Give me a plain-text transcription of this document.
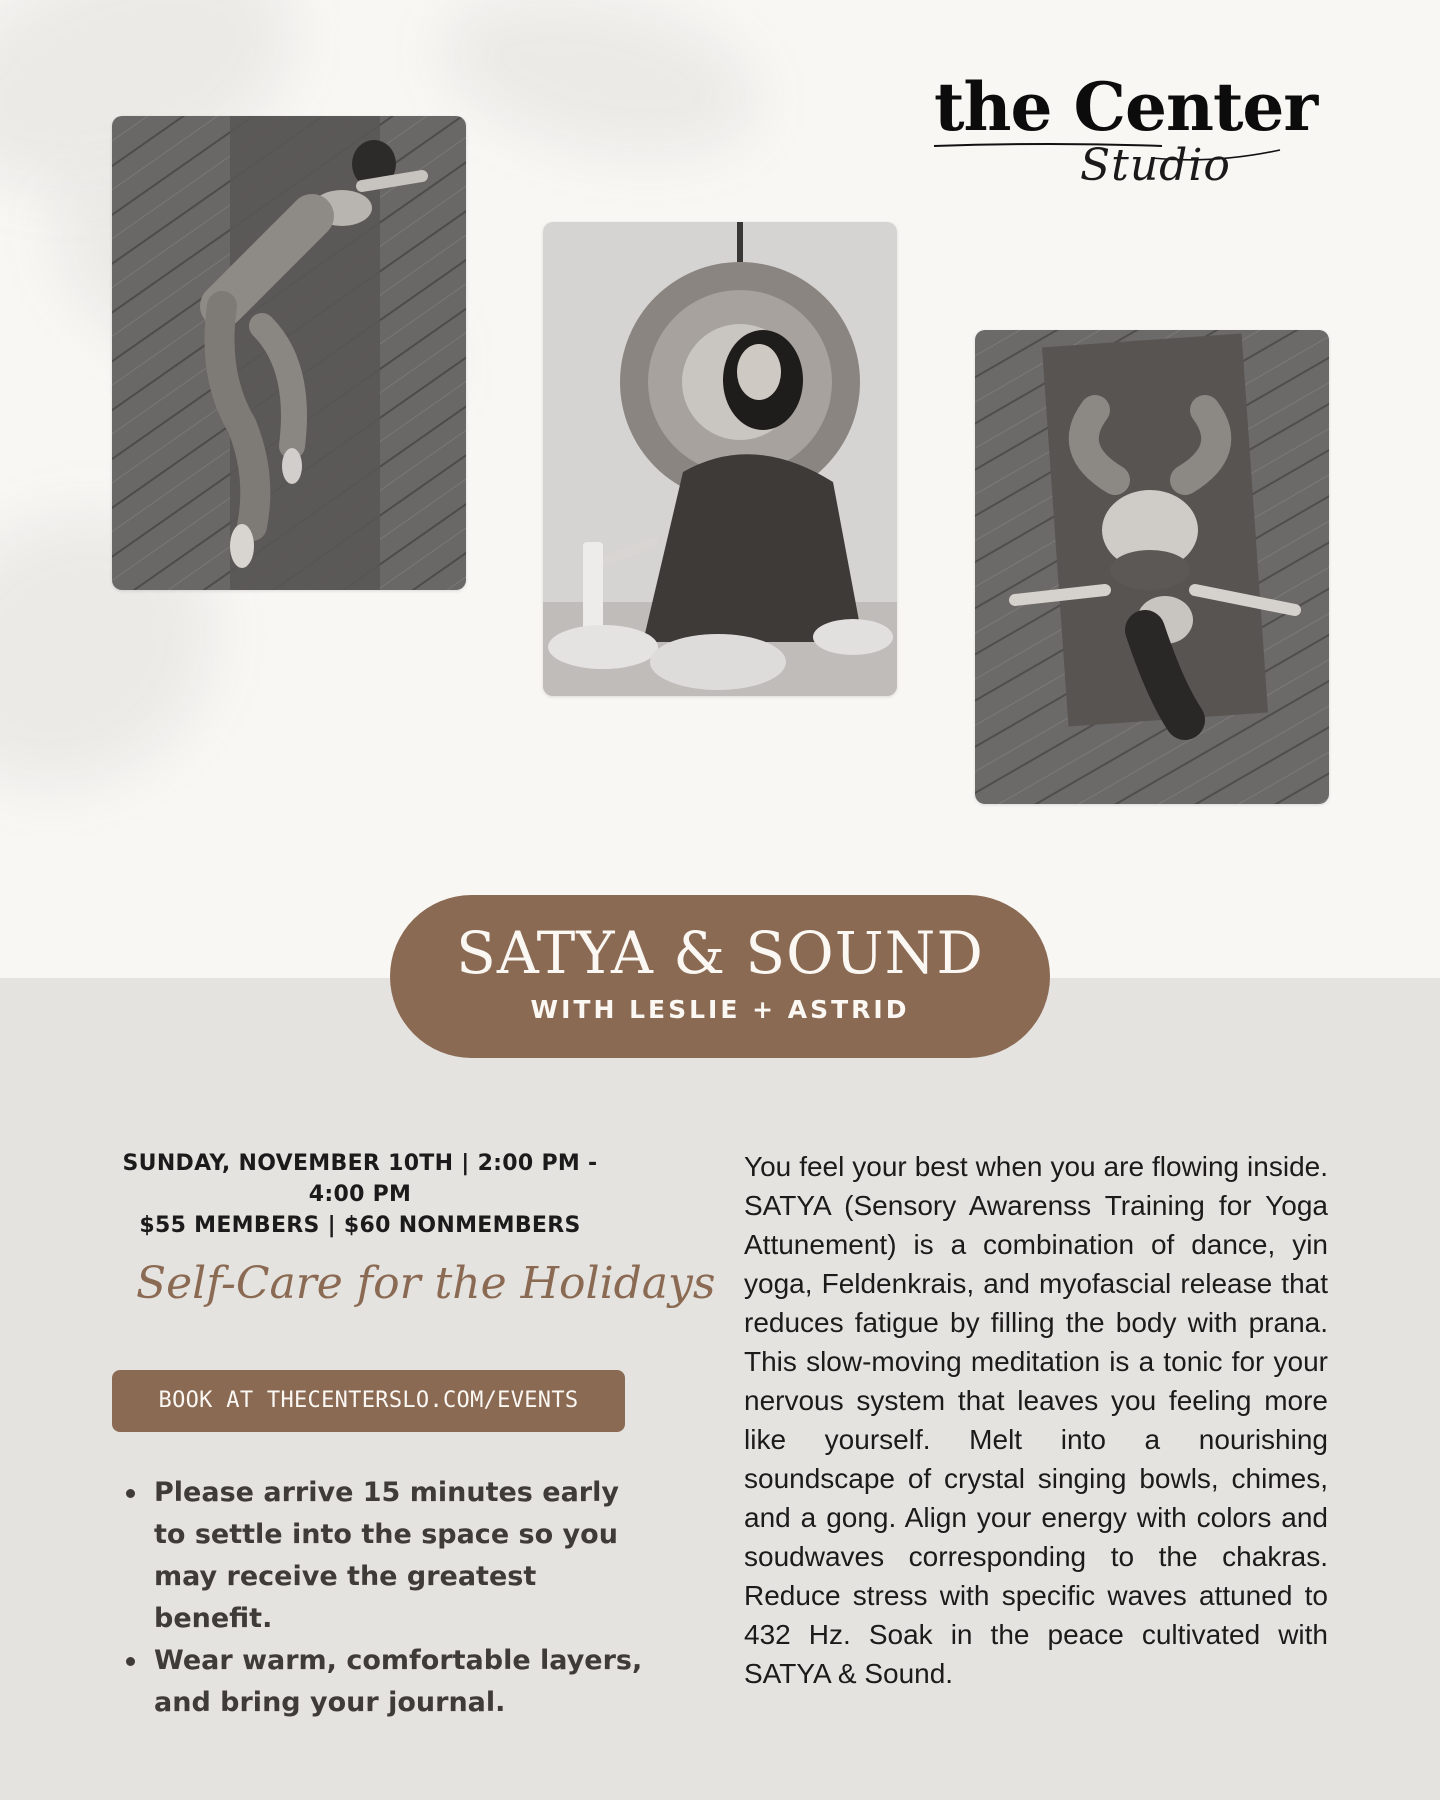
the Center
Studio
SATYA & SOUND
WITH LESLIE + ASTRID
SUNDAY, NOVEMBER 10TH | 2:00 PM - 4:00 PM
$55 MEMBERS | $60 NONMEMBERS
Self-Care for the Holidays
BOOK AT THECENTERSLO.COM/EVENTS
Please arrive 15 minutes early to settle into the space so you may receive the greatest benefit.
Wear warm, comfortable layers, and bring your journal.

You feel your best when you are flowing inside. SATYA (Sensory Awarenss Training for Yoga Attunement) is a combination of dance, yin yoga, Feldenkrais, and myofascial release that reduces fatigue by filling the body with prana. This slow-moving meditation is a tonic for your nervous system that leaves you feeling more like yourself. Melt into a nourishing soundscape of crystal singing bowls, chimes, and a gong. Align your energy with colors and soudwaves corresponding to the chakras. Reduce stress with specific waves attuned to 432 Hz. Soak in the peace cultivated with SATYA & Sound.
